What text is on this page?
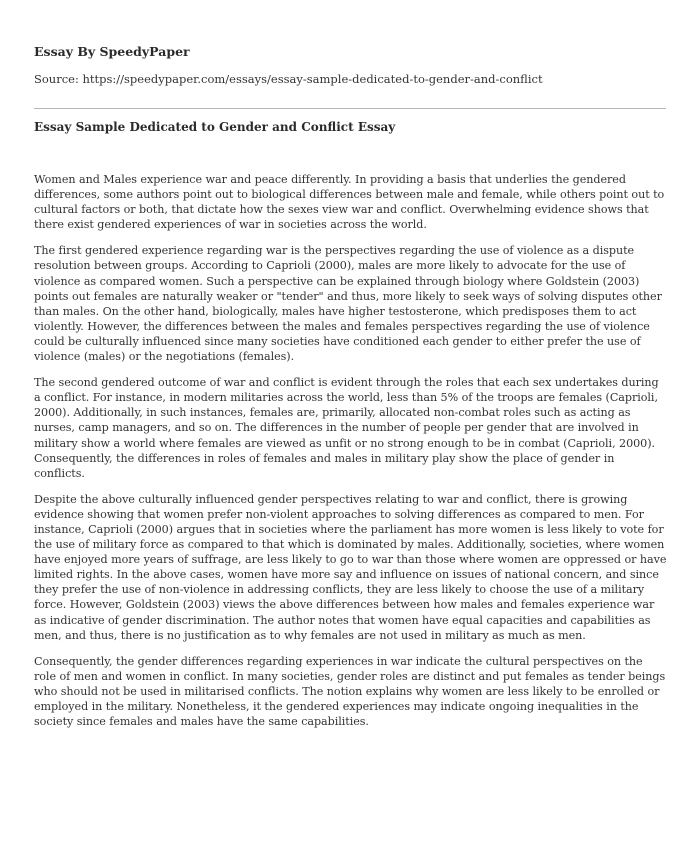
Essay By SpeedyPaper
Source: https://speedypaper.com/essays/essay-sample-dedicated-to-gender-and-conflict
Essay Sample Dedicated to Gender and Conflict Essay

Women and Males experience war and peace differently. In providing a basis that underlies the gendered differences, some authors point out to biological differences between male and female, while others point out to cultural factors or both, that dictate how the sexes view war and conflict. Overwhelming evidence shows that there exist gendered experiences of war in societies across the world.

The first gendered experience regarding war is the perspectives regarding the use of violence as a dispute resolution between groups. According to Caprioli (2000), males are more likely to advocate for the use of violence as compared women. Such a perspective can be explained through biology where Goldstein (2003) points out females are naturally weaker or "tender" and thus, more likely to seek ways of solving disputes other than males. On the other hand, biologically, males have higher testosterone, which predisposes them to act violently. However, the differences between the males and females perspectives regarding the use of violence could be culturally influenced since many societies have conditioned each gender to either prefer the use of violence (males) or the negotiations (females).

The second gendered outcome of war and conflict is evident through the roles that each sex undertakes during a conflict. For instance, in modern militaries across the world, less than 5% of the troops are females (Caprioli, 2000). Additionally, in such instances, females are, primarily, allocated non-combat roles such as acting as nurses, camp managers, and so on. The differences in the number of people per gender that are involved in military show a world where females are viewed as unfit or no strong enough to be in combat (Caprioli, 2000). Consequently, the differences in roles of females and males in military play show the place of gender in conflicts.

Despite the above culturally influenced gender perspectives relating to war and conflict, there is growing evidence showing that women prefer non-violent approaches to solving differences as compared to men. For instance, Caprioli (2000) argues that in societies where the parliament has more women is less likely to vote for the use of military force as compared to that which is dominated by males. Additionally, societies, where women have enjoyed more years of suffrage, are less likely to go to war than those where women are oppressed or have limited rights. In the above cases, women have more say and influence on issues of national concern, and since they prefer the use of non-violence in addressing conflicts, they are less likely to choose the use of a military force. However, Goldstein (2003) views the above differences between how males and females experience war as indicative of gender discrimination. The author notes that women have equal capacities and capabilities as men, and thus, there is no justification as to why females are not used in military as much as men.

Consequently, the gender differences regarding experiences in war indicate the cultural perspectives on the role of men and women in conflict. In many societies, gender roles are distinct and put females as tender beings who should not be used in militarised conflicts. The notion explains why women are less likely to be enrolled or employed in the military. Nonetheless, it the gendered experiences may indicate ongoing inequalities in the society since females and males have the same capabilities.
